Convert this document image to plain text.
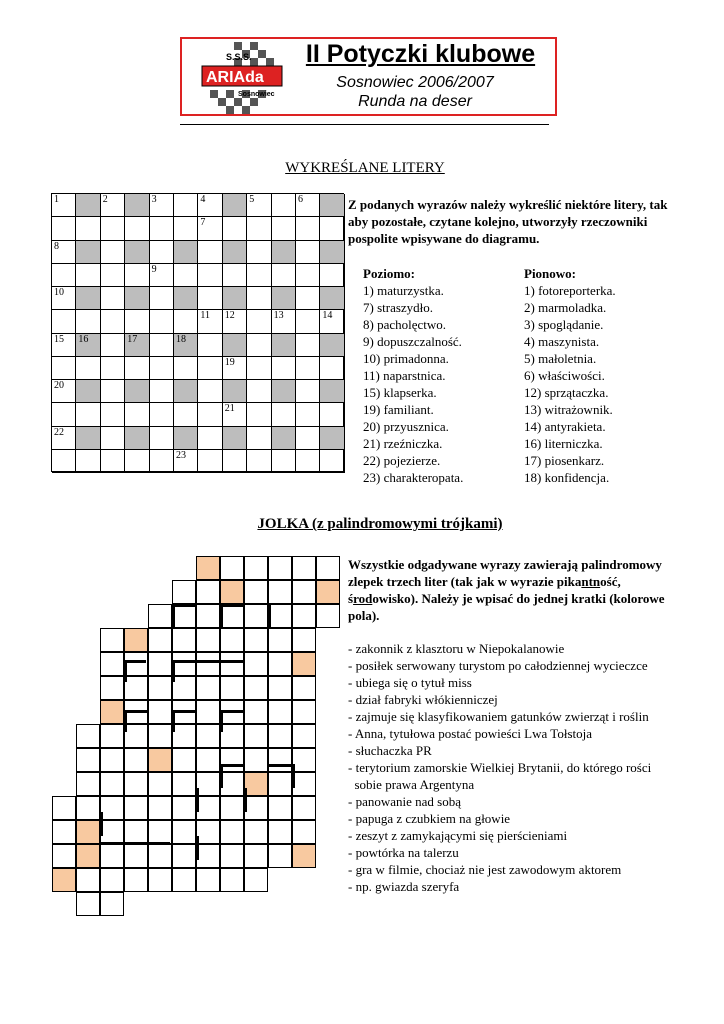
S.S.S.
ARIAda
Sosnowiec
II Potyczki klubowe
Sosnowiec 2006/2007
Runda na deser
WYKREŚLANE LITERY
1	2	3	4	5	6
7
8
9
10
11 12	13	14
15 16	17	18
19
20
21
22
23
Z podanych wyrazów należy wykreślić niektóre litery, tak aby pozostałe, czytane kolejno, utworzyły rzeczowniki pospolite wpisywane do diagramu.
Poziomo:	Pionowo:
1) maturzystka.
7) straszydło.
8) pacholęctwo.
9) dopuszczalność.
10) primadonna.
11) naparstnica.
15) klapserka.
19) familiant.
20) przyusznica.
21) rzeźniczka.
22) pojezierze.
23) charakteropata.
1) fotoreporterka.
2) marmoladka.
3) spoglądanie.
4) maszynista.
5) małoletnia.
6) właściwości.
12) sprzątaczka.
13) witrażownik.
14) antyrakieta.
16) literniczka.
17) piosenkarz.
18) konfidencja.
JOLKA (z palindromowymi trójkami)
Wszystkie odgadywane wyrazy zawierają palindromowy zlepek trzech liter (tak jak w wyrazie pikantność, środowisko). Należy je wpisać do jednej kratki (kolorowe pola).
- zakonnik z klasztoru w Niepokalanowie
- posiłek serwowany turystom po całodziennej wycieczce
- ubiega się o tytuł miss
- dział fabryki włókienniczej
- zajmuje się klasyfikowaniem gatunków zwierząt i roślin
- Anna, tytułowa postać powieści Lwa Tołstoja
- słuchaczka PR
- terytorium zamorskie Wielkiej Brytanii, do którego rości
sobie prawa Argentyna
- panowanie nad sobą
- papuga z czubkiem na głowie
- zeszyt z zamykającymi się pierścieniami
- powtórka na talerzu
- gra w filmie, chociaż nie jest zawodowym aktorem
- np. gwiazda szeryfa
